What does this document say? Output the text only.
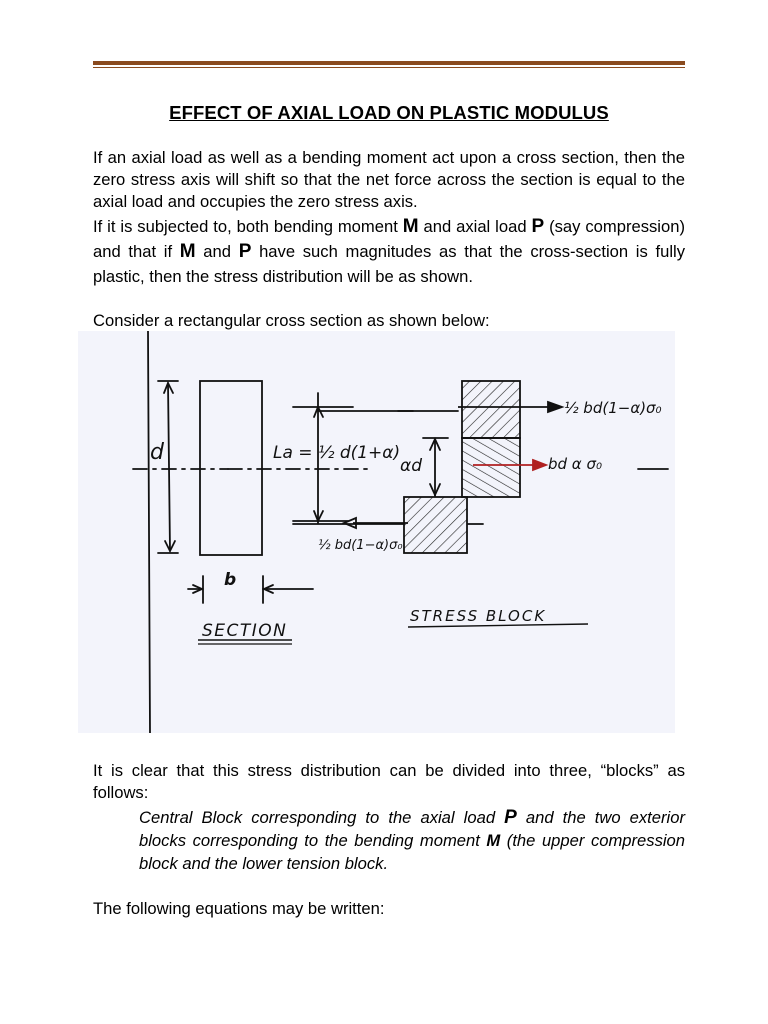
EFFECT OF AXIAL LOAD ON PLASTIC MODULUS

If an axial load as well as a bending moment act upon a cross section, then the zero stress axis will shift so that the net force across the section is equal to the axial load and occupies the zero stress axis.

If it is subjected to, both bending moment M and axial load P (say compression) and that if M and P have such magnitudes as that the cross-section is fully plastic, then the stress distribution will be as shown.

Consider a rectangular cross section as shown below:

d
b
La = ½ d(1+α)
αd
½ bd(1−α)σ₀
bd α σ₀
½ bd(1−α)σ₀
SECTION
STRESS BLOCK

It is clear that this stress distribution can be divided into three, “blocks” as follows:

Central Block corresponding to the axial load P and the two exterior blocks corresponding to the bending moment M (the upper compression block and the lower tension block.

The following equations may be written:
